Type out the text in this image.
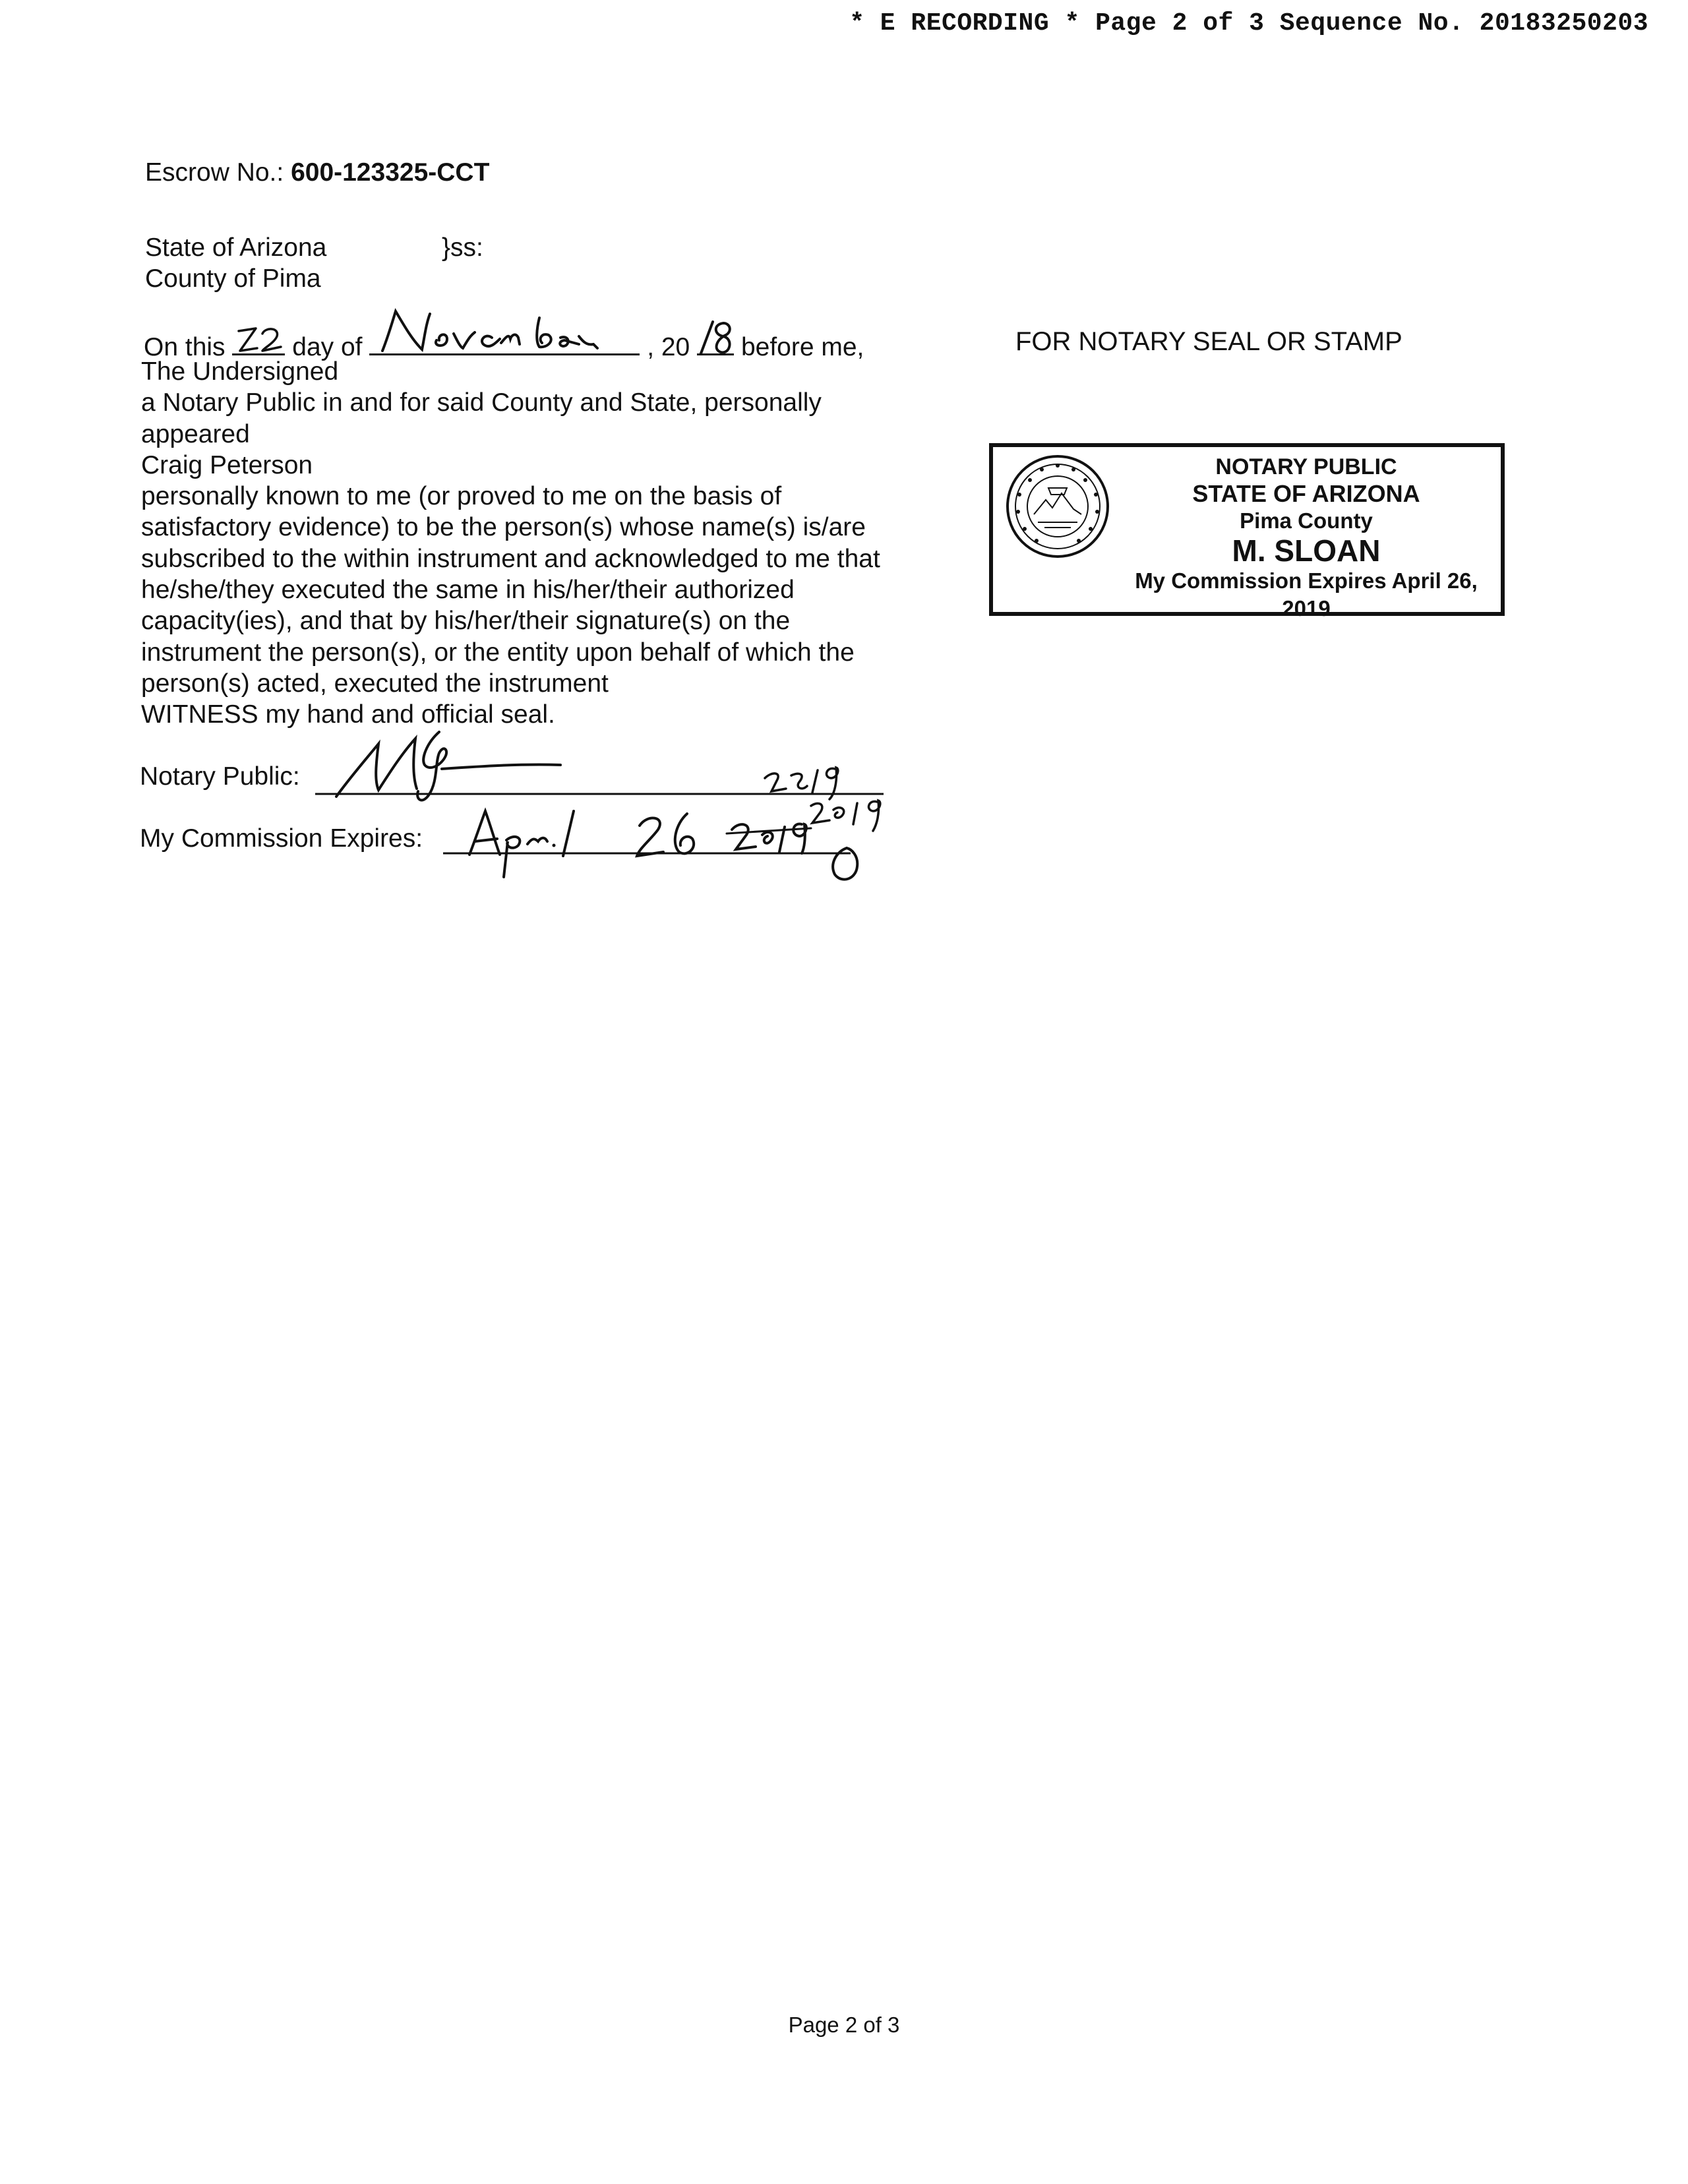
* E RECORDING * Page 2 of 3 Sequence No. 20183250203
Escrow No.: 600-123325-CCT
State of Arizona
County of Pima
}ss:
On this	day of	, 20 before me,
The Undersigned
a Notary Public in and for said County and State, personally
appeared
Craig Peterson
personally known to me (or proved to me on the basis of
satisfactory evidence) to be the person(s) whose name(s) is/are
subscribed to the within instrument and acknowledged to me that
he/she/they executed the same in his/her/their authorized
capacity(ies), and that by his/her/their signature(s) on the
instrument the person(s), or the entity upon behalf of which the
person(s) acted, executed the instrument
WITNESS my hand and official seal.
Notary Public:
My Commission Expires:
FOR NOTARY SEAL OR STAMP
NOTARY PUBLIC
STATE OF ARIZONA
Pima County
M. SLOAN
My Commission Expires April 26, 2019
Page 2 of 3
